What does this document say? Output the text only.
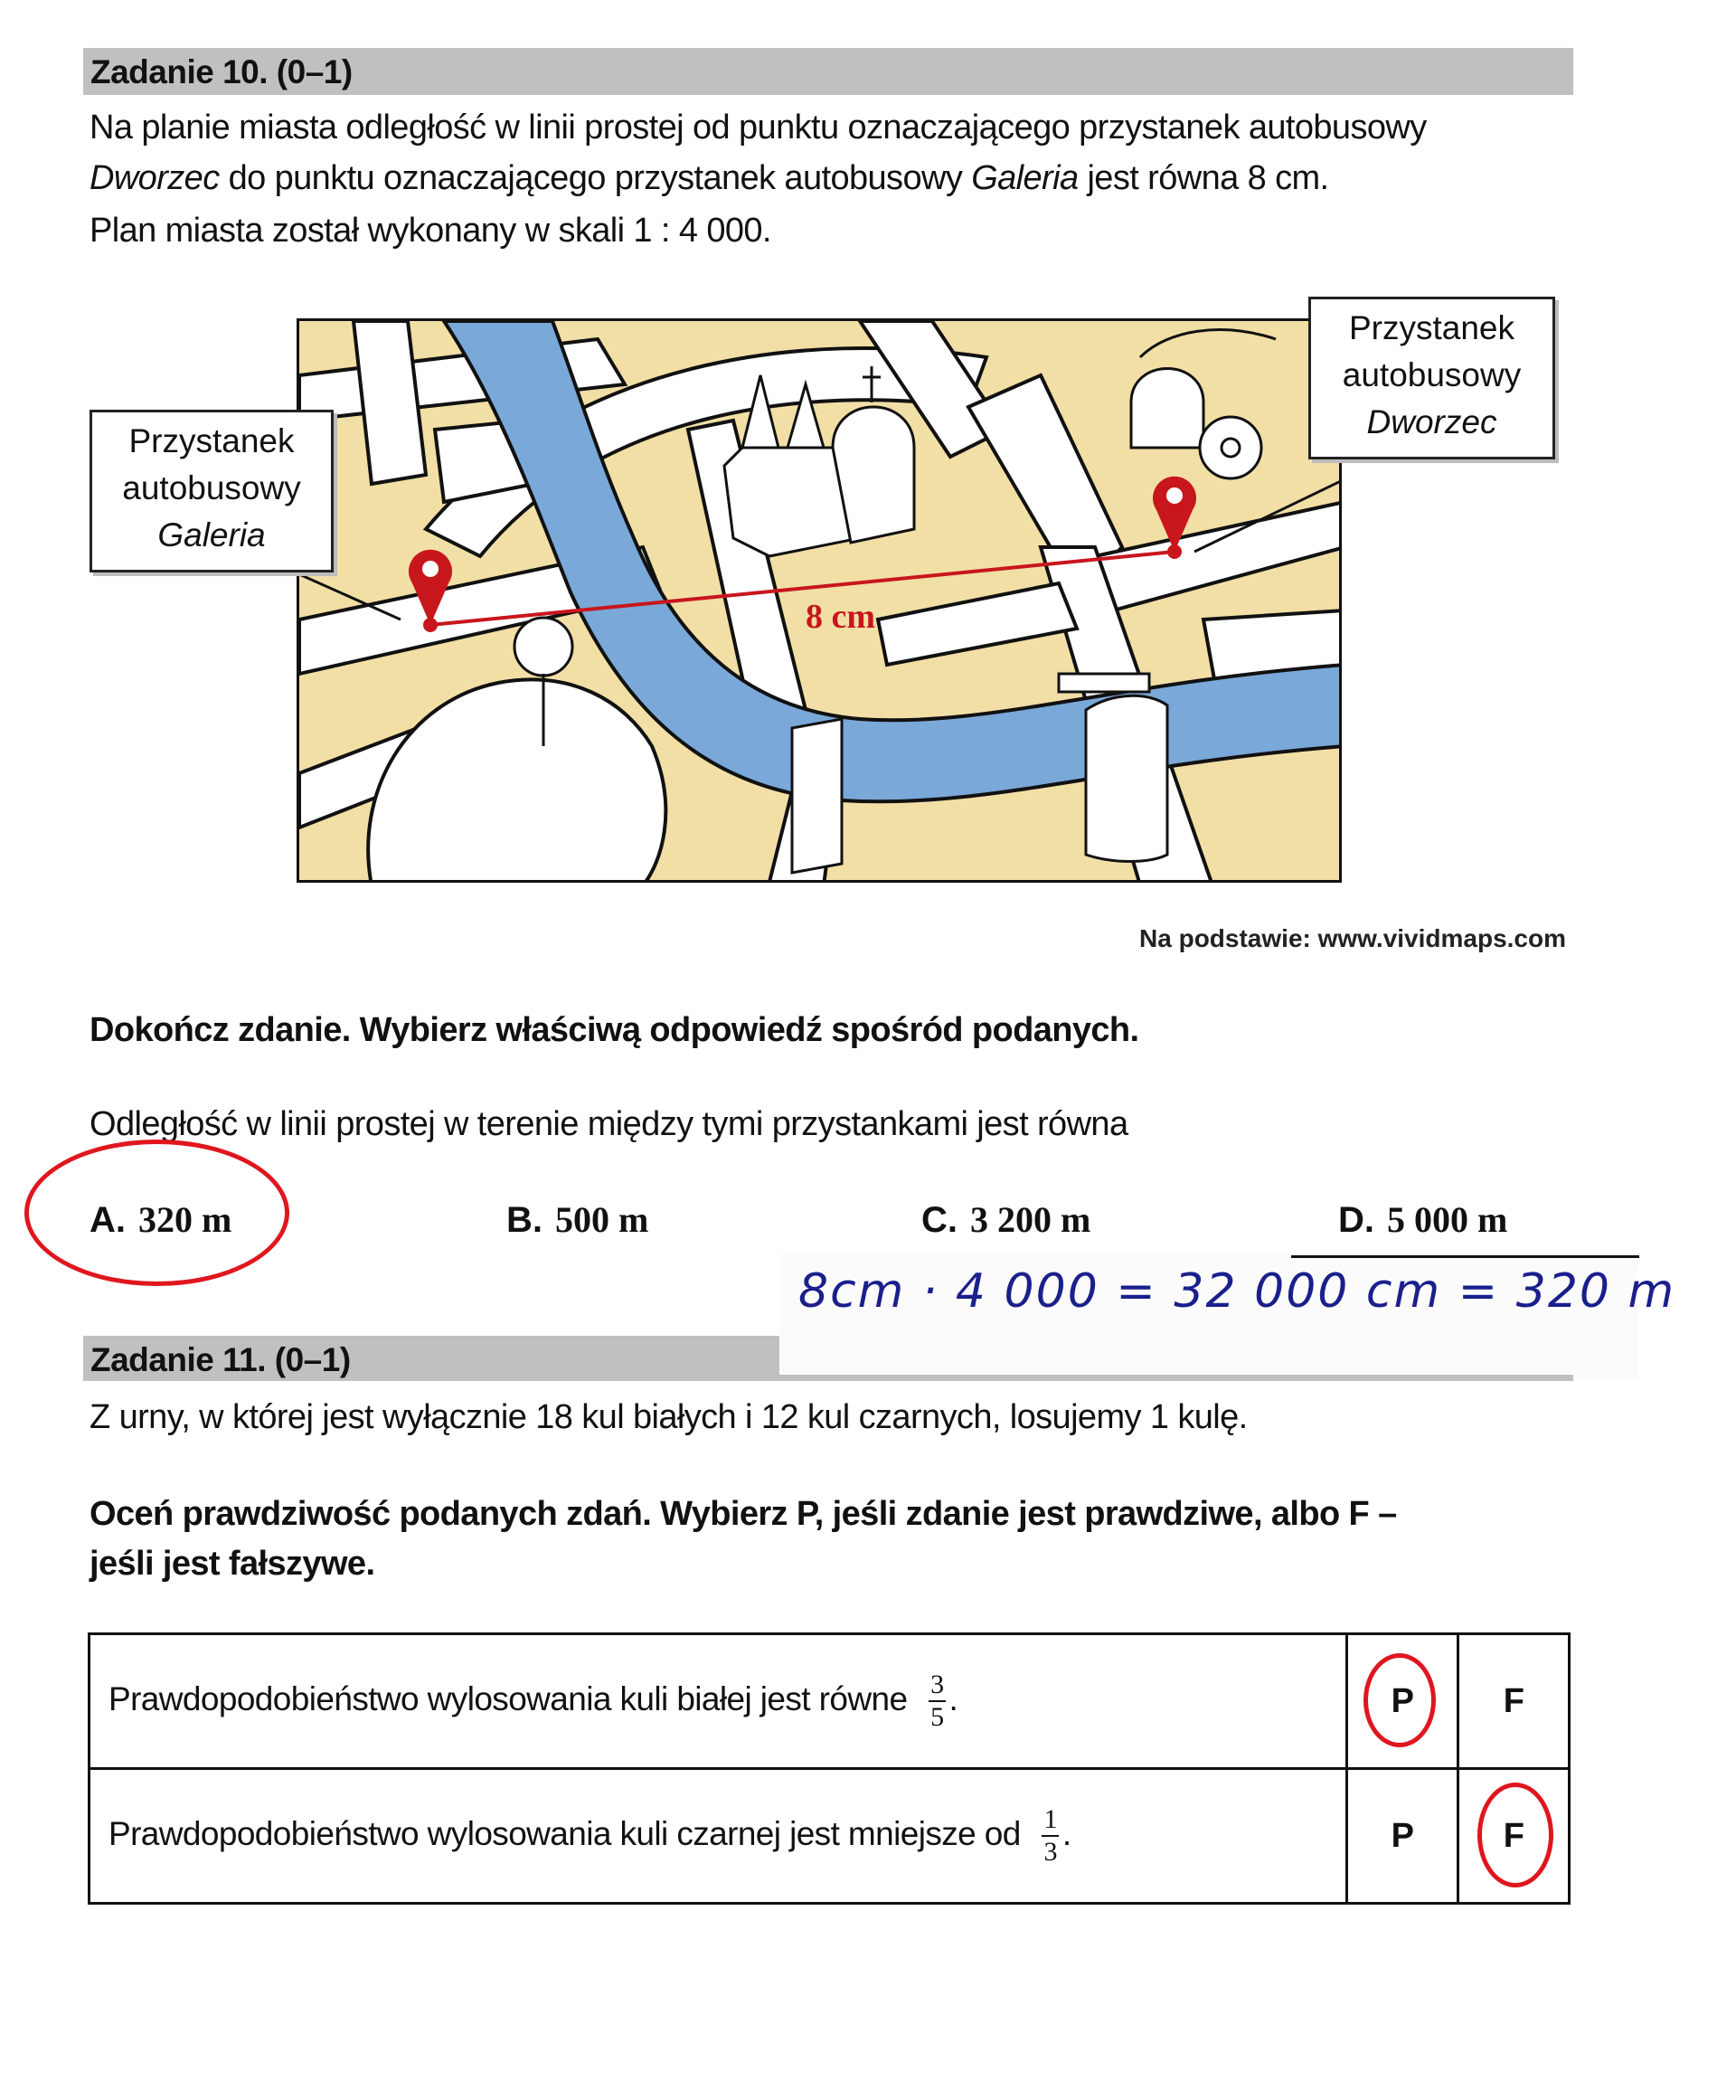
Zadanie 10. (0–1)
Na planie miasta odległość w linii prostej od punktu oznaczającego przystanek autobusowy
Dworzec do punktu oznaczającego przystanek autobusowy Galeria jest równa 8 cm.
Plan miasta został wykonany w skali 1 : 4 000.
8 cm
Przystanek
autobusowy
Galeria
Przystanek
autobusowy
Dworzec
Na podstawie: www.vividmaps.com
Dokończ zdanie. Wybierz właściwą odpowiedź spośród podanych.
Odległość w linii prostej w terenie między tymi przystankami jest równa
A. 320 m	B. 500 m	C. 3 200 m	D. 5 000 m
8cm · 4 000 = 32 000 cm = 320 m
Zadanie 11. (0–1)
Z urny, w której jest wyłącznie 18 kul białych i 12 kul czarnych, losujemy 1 kulę.
Oceń prawdziwość podanych zdań. Wybierz P, jeśli zdanie jest prawdziwe, albo F –
jeśli jest fałszywe.
Prawdopodobieństwo wylosowania kuli białej jest równe $\frac{3}{5}$ .	P	F
Prawdopodobieństwo wylosowania kuli czarnej jest mniejsze od $\frac{1}{3}$ .	P	F
